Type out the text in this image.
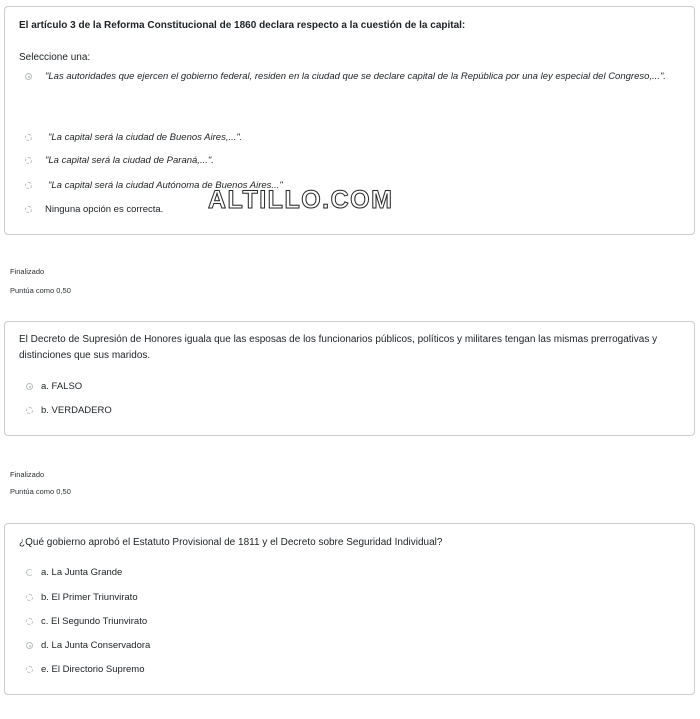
El artículo 3 de la Reforma Constitucional de 1860 declara respecto a la cuestión de la capital:
Seleccione una:
"Las autoridades que ejercen el gobierno federal, residen en la ciudad que se declare capital de la República por una ley especial del Congreso,...".
"La capital será la ciudad de Buenos Aires,...".
"La capital será la ciudad de Paraná,...".
"La capital será la ciudad Autónoma de Buenos Aires..."
Ninguna opción es correcta.	ALTILLO.COM
Finalizado
Puntúa como 0,50
El Decreto de Supresión de Honores iguala que las esposas de los funcionarios públicos, políticos y militares tengan las mismas prerrogativas y distinciones que sus maridos.
a. FALSO
b. VERDADERO
Finalizado
Puntúa como 0,50
¿Qué gobierno aprobó el Estatuto Provisional de 1811 y el Decreto sobre Seguridad Individual?
a. La Junta Grande
b. El Primer Triunvirato
c. El Segundo Triunvirato
d. La Junta Conservadora
e. El Directorio Supremo
